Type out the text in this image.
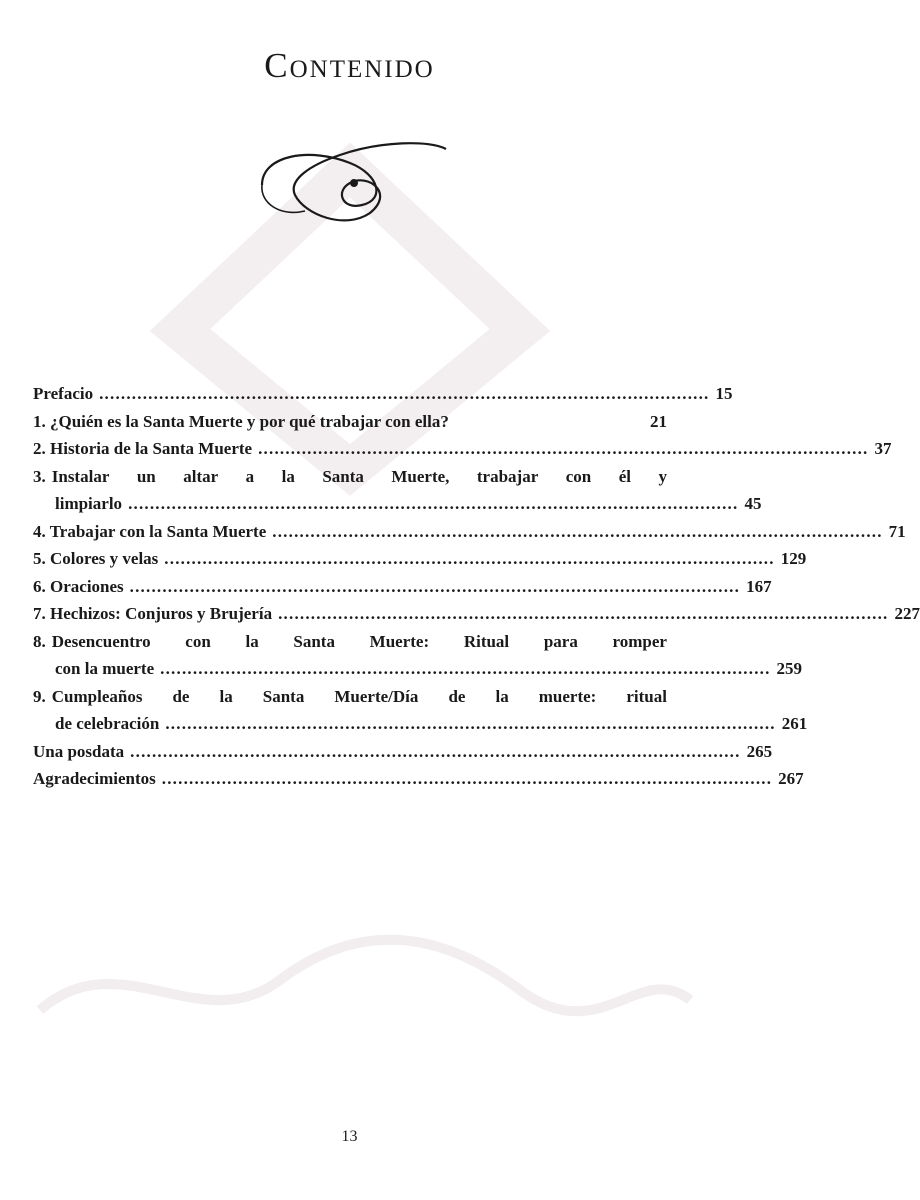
Contenido
Prefacio ................................................................................................................ 15
1. ¿Quién es la Santa Muerte y por qué trabajar con ella?	21
2. Historia de la Santa Muerte ................................................................................................................ 37
3. Instalar un altar a la Santa Muerte, trabajar con él y
limpiarlo ................................................................................................................ 45
4. Trabajar con la Santa Muerte ................................................................................................................ 71
5. Colores y velas ................................................................................................................ 129
6. Oraciones ................................................................................................................ 167
7. Hechizos: Conjuros y Brujería ................................................................................................................ 227
8. Desencuentro con la Santa Muerte: Ritual para romper
con la muerte ................................................................................................................ 259
9. Cumpleaños de la Santa Muerte/Día de la muerte: ritual
de celebración ................................................................................................................ 261
Una posdata ................................................................................................................ 265
Agradecimientos ................................................................................................................ 267
13
